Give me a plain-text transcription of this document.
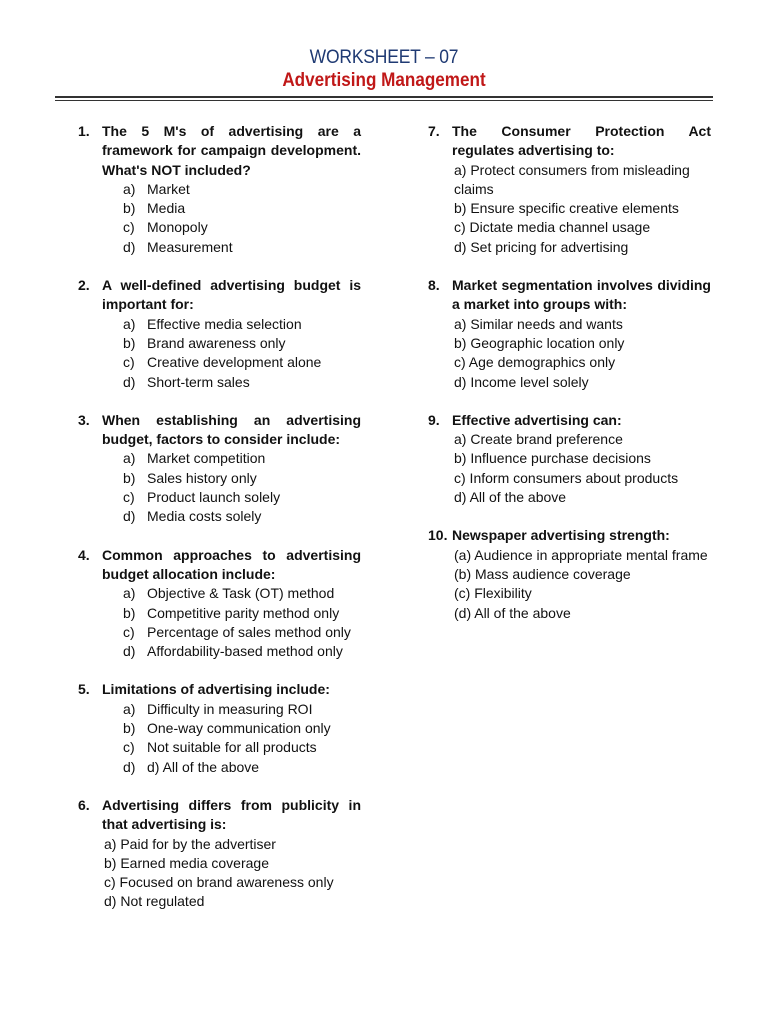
WORKSHEET – 07
Advertising Management
1. The 5 M's of advertising are a framework for campaign development. What's NOT included?
a) Market
b) Media
c) Monopoly
d) Measurement
2. A well-defined advertising budget is important for:
a) Effective media selection
b) Brand awareness only
c) Creative development alone
d) Short-term sales
3. When establishing an advertising budget, factors to consider include:
a) Market competition
b) Sales history only
c) Product launch solely
d) Media costs solely
4. Common approaches to advertising budget allocation include:
a) Objective & Task (OT) method
b) Competitive parity method only
c) Percentage of sales method only
d) Affordability-based method only
5. Limitations of advertising include:
a) Difficulty in measuring ROI
b) One-way communication only
c) Not suitable for all products
d) d) All of the above
6. Advertising differs from publicity in that advertising is:
a) Paid for by the advertiser
b) Earned media coverage
c) Focused on brand awareness only
d) Not regulated
7. The Consumer Protection Act regulates advertising to:
a) Protect consumers from misleading claims
b) Ensure specific creative elements
c) Dictate media channel usage
d) Set pricing for advertising
8. Market segmentation involves dividing a market into groups with:
a) Similar needs and wants
b) Geographic location only
c) Age demographics only
d) Income level solely
9. Effective advertising can:
a) Create brand preference
b) Influence purchase decisions
c) Inform consumers about products
d) All of the above
10. Newspaper advertising strength:
(a) Audience in appropriate mental frame
(b) Mass audience coverage
(c) Flexibility
(d) All of the above
